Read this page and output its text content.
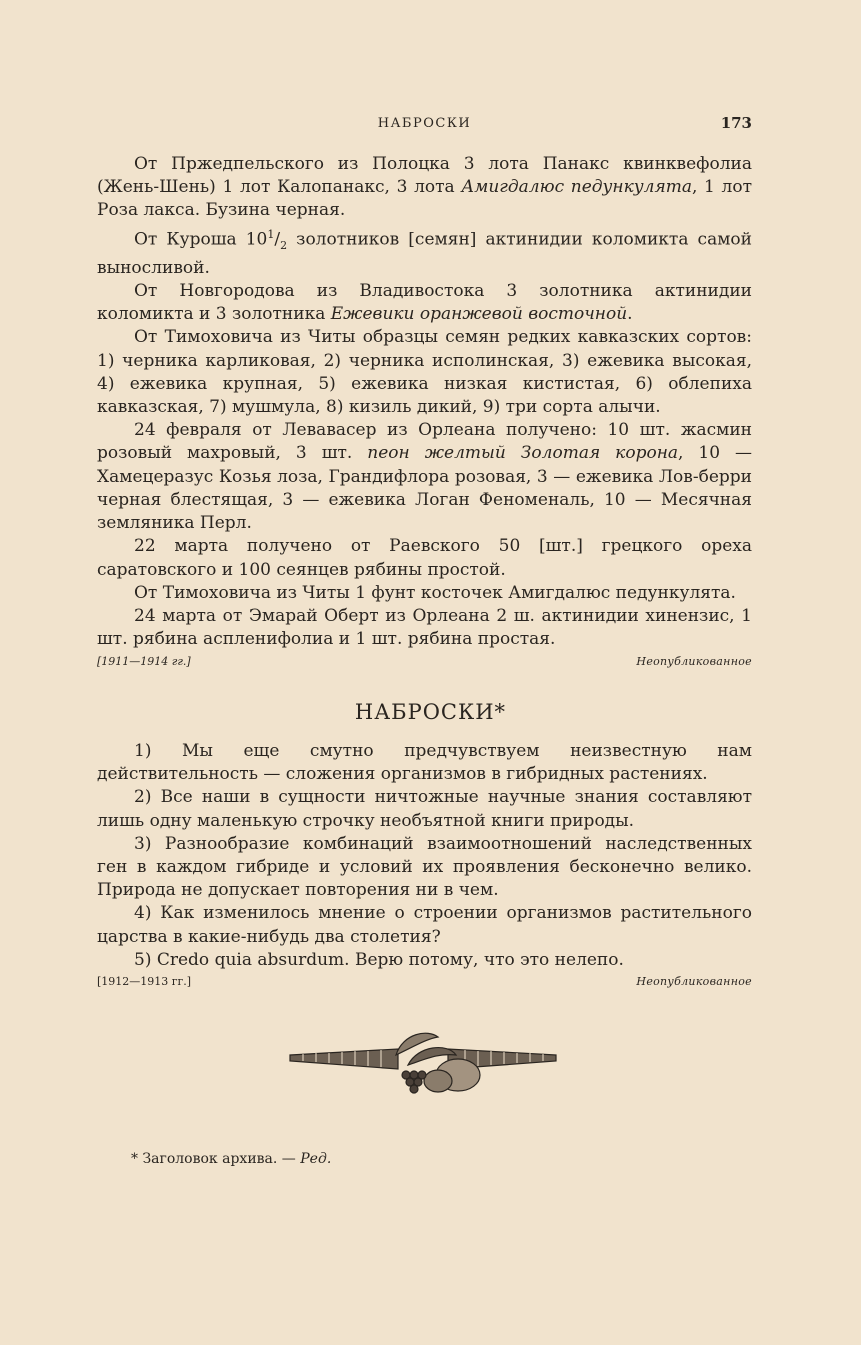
НАБРОСКИ	173

От Пржедпельского из Полоцка 3 лота Панакс квинквефолиа (Жень-Шень) 1 лот Калопанакс, 3 лота Амигдалюс педункулята, 1 лот Роза лакса. Бузина черная.

От Куроша $10^1/_2$ золотников [семян] актинидии коломикта самой выносливой.

От Новгородова из Владивостока 3 золотника актинидии коломикта и 3 золотника Ежевики оранжевой восточной.

От Тимоховича из Читы образцы семян редких кавказских сортов: 1) черника карликовая, 2) черника исполинская, 3) ежевика высокая, 4) ежевика крупная, 5) ежевика низкая кистистая, 6) облепиха кавказская, 7) мушмула, 8) кизиль дикий, 9) три сорта алычи.

24 февраля от Левавасер из Орлеана получено: 10 шт. жасмин розовый махровый, 3 шт. пеон желтый Золотая корона, 10 — Хамецеразус Козья лоза, Грандифлора розовая, 3 — ежевика Лов-берри черная блестящая, 3 — ежевика Логан Феноменаль, 10 — Месячная земляника Перл.

22 марта получено от Раевского 50 [шт.] грецкого ореха саратовского и 100 сеянцев рябины простой.

От Тимоховича из Читы 1 фунт косточек Амигдалюс педункулята.

24 марта от Эмарай Оберт из Орлеана 2 ш. актинидии хинензис, 1 шт. рябина аспленифолиа и 1 шт. рябина простая.

[1911—1914 гг.]	Неопубликованное
НАБРОСКИ*

1) Мы еще смутно предчувствуем неизвестную нам действительность — сложения организмов в гибридных растениях.

2) Все наши в сущности ничтожные научные знания составляют лишь одну маленькую строчку необъятной книги природы.

3) Разнообразие комбинаций взаимоотношений наследственных ген в каждом гибриде и условий их проявления бесконечно велико. Природа не допускает повторения ни в чем.

4) Как изменилось мнение о строении организмов растительного царства в какие-нибудь два столетия?

5) Credo quia absurdum. Верю потому, что это нелепо.

[1912—1913 гг.]	Неопубликованное
* Заголовок архива. — Ред.
